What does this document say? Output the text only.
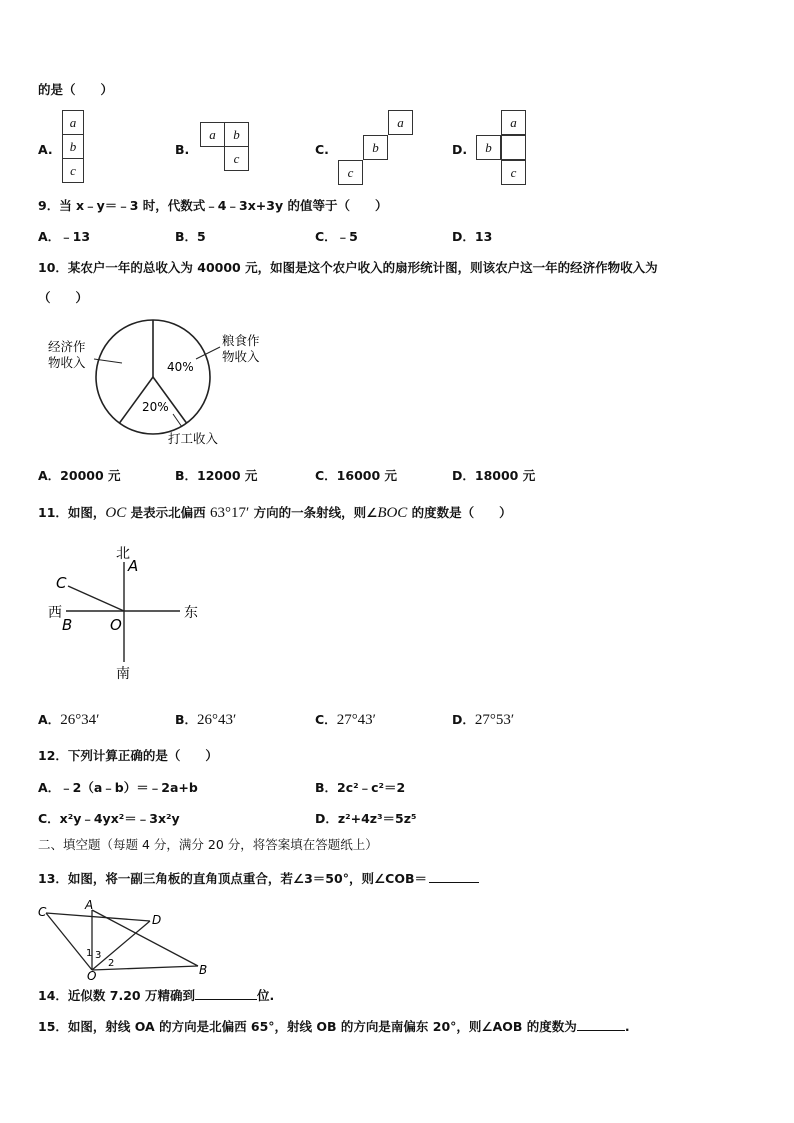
的是（　　）
A.
a
b
c
B.
a	b
c
C.
a
b
c
D.
a
b
c
9．当 x﹣y＝﹣3 时，代数式﹣4﹣3x+3y 的值等于（　　）
A．﹣13	B．5	C．﹣5	D．13
10．某农户一年的总收入为 40000 元，如图是这个农户收入的扇形统计图，则该农户这一年的经济作物收入为
（　　）
经济作
物收入
粮食作
物收入
40%
20%
打工收入
A．20000 元	B．12000 元	C．16000 元	D．18000 元
11．如图，OC 是表示北偏西 63°17′ 方向的一条射线，则∠BOC 的度数是（　　）
北
A
C
西
B	O
东
南
A．26°34′	B．26°43′	C．27°43′	D．27°53′
12．下列计算正确的是（　　）
A．﹣2（a﹣b）＝﹣2a+b	B．2c²﹣c²＝2
C．x²y﹣4yx²＝﹣3x²y	D．z²+4z³＝5z⁵
二、填空题（每题 4 分，满分 20 分，将答案填在答题纸上）
13．如图，将一副三角板的直角顶点重合，若∠3＝50°，则∠COB＝
C	A
D
O	B
1 3
2
14．近似数 7.20 万精确到	位.
15．如图，射线 OA 的方向是北偏西 65°，射线 OB 的方向是南偏东 20°，则∠AOB 的度数为	.
